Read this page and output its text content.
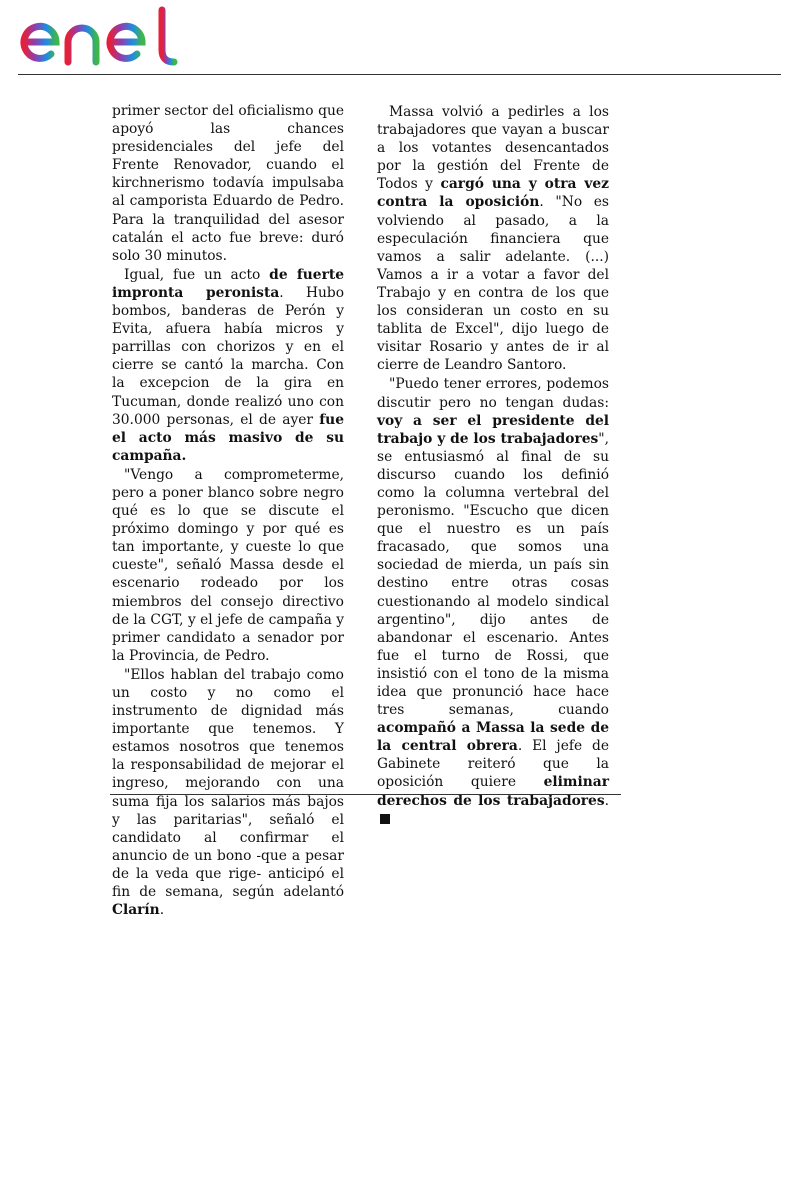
primer sector del oficialismo que apoyó las chances presidenciales del jefe del Frente Renovador, cuando el kirchnerismo todavía impulsaba al camporista Eduardo de Pedro. Para la tranquilidad del asesor catalán el acto fue breve: duró solo 30 minutos.

Igual, fue un acto de fuerte impronta peronista. Hubo bombos, banderas de Perón y Evita, afuera había micros y parrillas con chorizos y en el cierre se cantó la marcha. Con la excepcion de la gira en Tucuman, donde realizó uno con 30.000 personas, el de ayer fue el acto más masivo de su campaña.

"Vengo a comprometerme, pero a poner blanco sobre negro qué es lo que se discute el próximo domingo y por qué es tan importante, y cueste lo que cueste", señaló Massa desde el escenario rodeado por los miembros del consejo directivo de la CGT, y el jefe de campaña y primer candidato a senador por la Provincia, de Pedro.

"Ellos hablan del trabajo como un costo y no como el instrumento de dignidad más importante que tenemos. Y estamos nosotros que tenemos la responsabilidad de mejorar el ingreso, mejorando con una suma fija los salarios más bajos y las paritarias", señaló el candidato al confirmar el anuncio de un bono -que a pesar de la veda que rige- anticipó el fin de semana, según adelantó Clarín.

Massa volvió a pedirles a los trabajadores que vayan a buscar a los votantes desencantados por la gestión del Frente de Todos y cargó una y otra vez contra la oposición. "No es volviendo al pasado, a la especulación financiera que vamos a salir adelante. (...) Vamos a ir a votar a favor del Trabajo y en contra de los que los consideran un costo en su tablita de Excel", dijo luego de visitar Rosario y antes de ir al cierre de Leandro Santoro.

"Puedo tener errores, podemos discutir pero no tengan dudas: voy a ser el presidente del trabajo y de los trabajadores", se entusiasmó al final de su discurso cuando los definió como la columna vertebral del peronismo. "Escucho que dicen que el nuestro es un país fracasado, que somos una sociedad de mierda, un país sin destino entre otras cosas cuestionando al modelo sindical argentino", dijo antes de abandonar el escenario. Antes fue el turno de Rossi, que insistió con el tono de la misma idea que pronunció hace hace tres semanas, cuando acompañó a Massa la sede de la central obrera. El jefe de Gabinete reiteró que la oposición quiere eliminar derechos de los trabajadores.
